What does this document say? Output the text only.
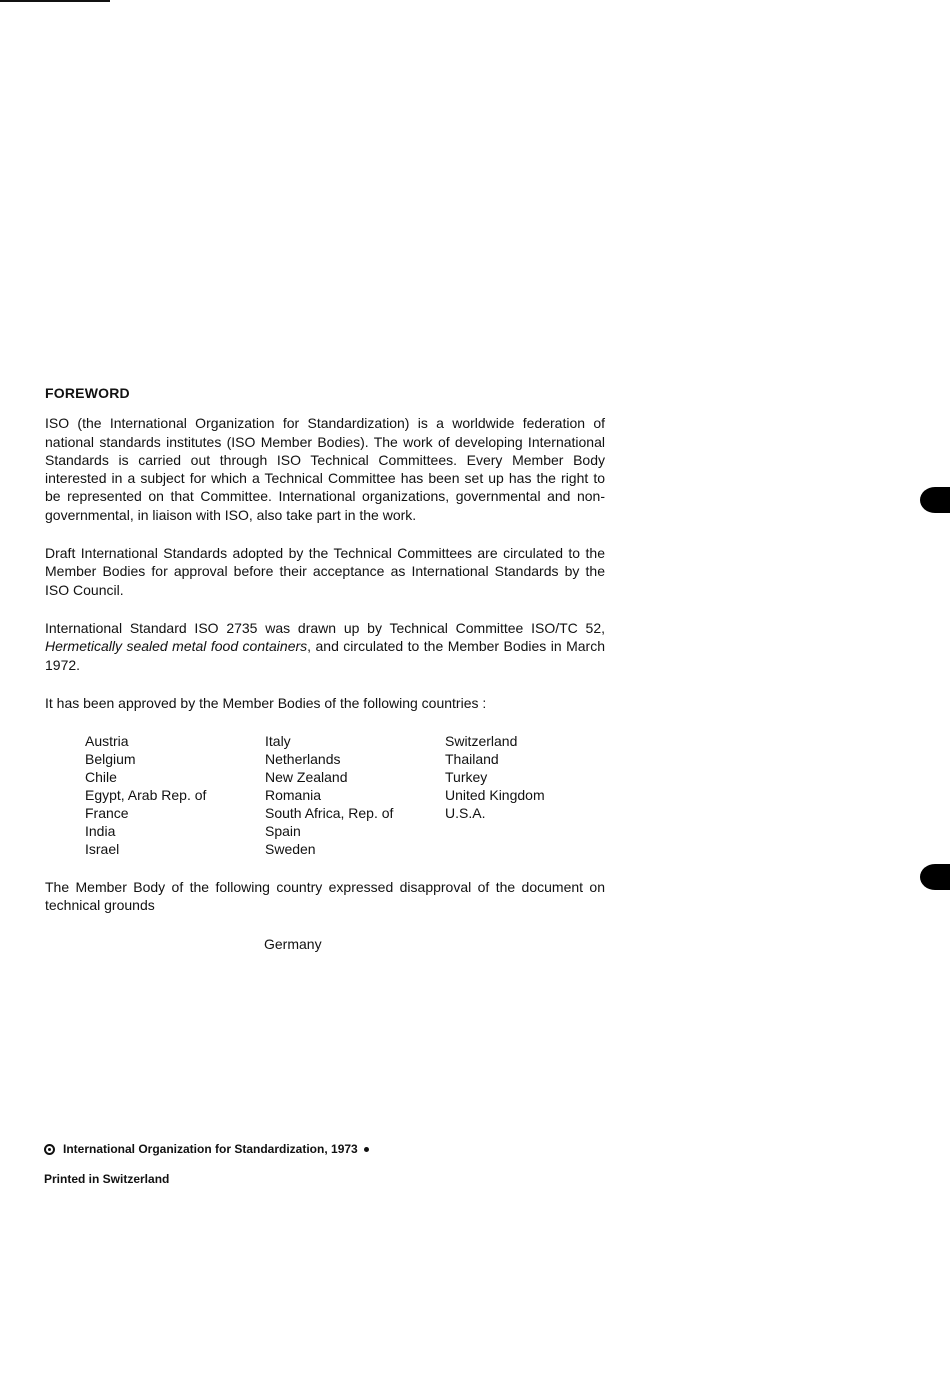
FOREWORD

ISO (the International Organization for Standardization) is a worldwide federation of national standards institutes (ISO Member Bodies). The work of developing International Standards is carried out through ISO Technical Committees. Every Member Body interested in a subject for which a Technical Committee has been set up has the right to be represented on that Committee. International organizations, governmental and non-governmental, in liaison with ISO, also take part in the work.

Draft International Standards adopted by the Technical Committees are circulated to the Member Bodies for approval before their acceptance as International Standards by the ISO Council.

International Standard ISO 2735 was drawn up by Technical Committee ISO/TC 52, Hermetically sealed metal food containers, and circulated to the Member Bodies in March 1972.

It has been approved by the Member Bodies of the following countries :

Austria
Belgium
Chile
Egypt, Arab Rep. of
France
India
Israel
Italy
Netherlands
New Zealand
Romania
South Africa, Rep. of
Spain
Sweden
Switzerland
Thailand
Turkey
United Kingdom
U.S.A.

The Member Body of the following country expressed disapproval of the document on technical grounds

Germany
International Organization for Standardization, 1973
Printed in Switzerland
